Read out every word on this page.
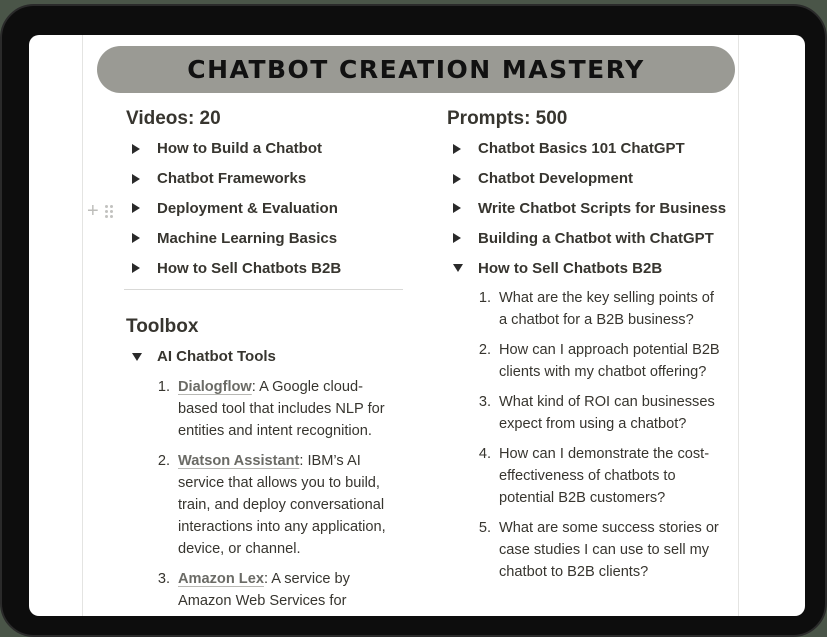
CHATBOT CREATION MASTERY
Videos: 20
+
How to Build a Chatbot
Chatbot Frameworks
Deployment & Evaluation
Machine Learning Basics
How to Sell Chatbots B2B
Toolbox
AI Chatbot Tools
1. Dialogflow: A Google cloud-based tool that includes NLP for entities and intent recognition.
2. Watson Assistant: IBM’s AI service that allows you to build, train, and deploy conversational interactions into any application, device, or channel.
3. Amazon Lex: A service by Amazon Web Services for
Prompts: 500
Chatbot Basics 101 ChatGPT
Chatbot Development
Write Chatbot Scripts for Business
Building a Chatbot with ChatGPT
How to Sell Chatbots B2B
1. What are the key selling points of a chatbot for a B2B business?
2. How can I approach potential B2B clients with my chatbot offering?
3. What kind of ROI can businesses expect from using a chatbot?
4. How can I demonstrate the cost-effectiveness of chatbots to potential B2B customers?
5. What are some success stories or case studies I can use to sell my chatbot to B2B clients?
